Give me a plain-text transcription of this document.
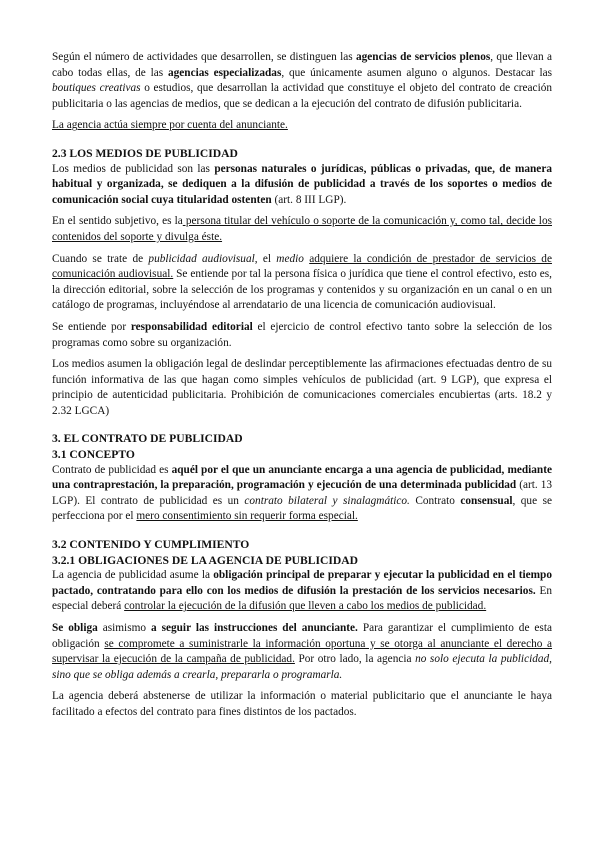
Según el número de actividades que desarrollen, se distinguen las agencias de servicios plenos, que llevan a cabo todas ellas, de las agencias especializadas, que únicamente asumen alguno o algunos. Destacar las boutiques creativas o estudios, que desarrollan la actividad que constituye el objeto del contrato de creación publicitaria o las agencias de medios, que se dedican a la ejecución del contrato de difusión publicitaria.

La agencia actúa siempre por cuenta del anunciante.

2.3 LOS MEDIOS DE PUBLICIDAD

Los medios de publicidad son las personas naturales o jurídicas, públicas o privadas, que, de manera habitual y organizada, se dediquen a la difusión de publicidad a través de los soportes o medios de comunicación social cuya titularidad ostenten (art. 8 III LGP).

En el sentido subjetivo, es la persona titular del vehículo o soporte de la comunicación y, como tal, decide los contenidos del soporte y divulga éste.

Cuando se trate de publicidad audiovisual, el medio adquiere la condición de prestador de servicios de comunicación audiovisual. Se entiende por tal la persona física o jurídica que tiene el control efectivo, esto es, la dirección editorial, sobre la selección de los programas y contenidos y su organización en un canal o en un catálogo de programas, incluyéndose al arrendatario de una licencia de comunicación audiovisual.

Se entiende por responsabilidad editorial el ejercicio de control efectivo tanto sobre la selección de los programas como sobre su organización.

Los medios asumen la obligación legal de deslindar perceptiblemente las afirmaciones efectuadas dentro de su función informativa de las que hagan como simples vehículos de publicidad (art. 9 LGP), que expresa el principio de autenticidad publicitaria. Prohibición de comunicaciones comerciales encubiertas (arts. 18.2 y 2.32 LGCA)

3. EL CONTRATO DE PUBLICIDAD
3.1 CONCEPTO

Contrato de publicidad es aquél por el que un anunciante encarga a una agencia de publicidad, mediante una contraprestación, la preparación, programación y ejecución de una determinada publicidad (art. 13 LGP). El contrato de publicidad es un contrato bilateral y sinalagmático. Contrato consensual, que se perfecciona por el mero consentimiento sin requerir forma especial.

3.2 CONTENIDO Y CUMPLIMIENTO
3.2.1 OBLIGACIONES DE LA AGENCIA DE PUBLICIDAD

La agencia de publicidad asume la obligación principal de preparar y ejecutar la publicidad en el tiempo pactado, contratando para ello con los medios de difusión la prestación de los servicios necesarios. En especial deberá controlar la ejecución de la difusión que lleven a cabo los medios de publicidad.

Se obliga asimismo a seguir las instrucciones del anunciante. Para garantizar el cumplimiento de esta obligación se compromete a suministrarle la información oportuna y se otorga al anunciante el derecho a supervisar la ejecución de la campaña de publicidad. Por otro lado, la agencia no solo ejecuta la publicidad, sino que se obliga además a crearla, prepararla o programarla.

La agencia deberá abstenerse de utilizar la información o material publicitario que el anunciante le haya facilitado a efectos del contrato para fines distintos de los pactados.
